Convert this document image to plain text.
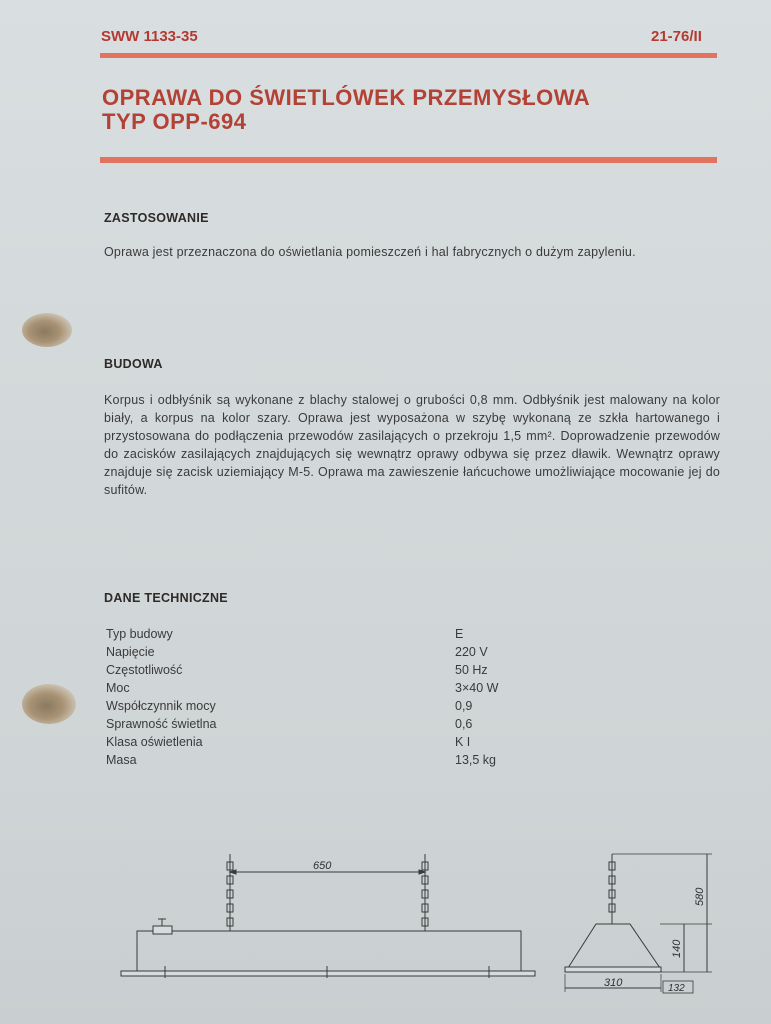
SWW 1133-35	21-76/II
OPRAWA DO ŚWIETLÓWEK PRZEMYSŁOWA
TYP OPP-694
ZASTOSOWANIE

Oprawa jest przeznaczona do oświetlania pomieszczeń i hal fabrycznych o dużym zapyleniu.

BUDOWA

Korpus i odbłyśnik są wykonane z blachy stalowej o grubości 0,8 mm. Odbłyśnik jest malowany na kolor biały, a korpus na kolor szary. Oprawa jest wyposażona w szybę wykonaną ze szkła hartowanego i przystosowana do podłączenia przewodów zasilających o przekroju 1,5 mm². Doprowadzenie przewodów do zacisków zasilających znajdujących się wewnątrz oprawy odbywa się przez dławik. Wewnątrz oprawy znajduje się zacisk uziemiający M-5. Oprawa ma zawieszenie łańcuchowe umożliwiające mocowanie jej do sufitów.

DANE TECHNICZNE
Typ budowy	E
Napięcie	220 V
Częstotliwość	50 Hz
Moc	3×40 W
Współczynnik mocy	0,9
Sprawność świetlna	0,6
Klasa oświetlenia	K I
Masa	13,5 kg
650
580
140
310	132
